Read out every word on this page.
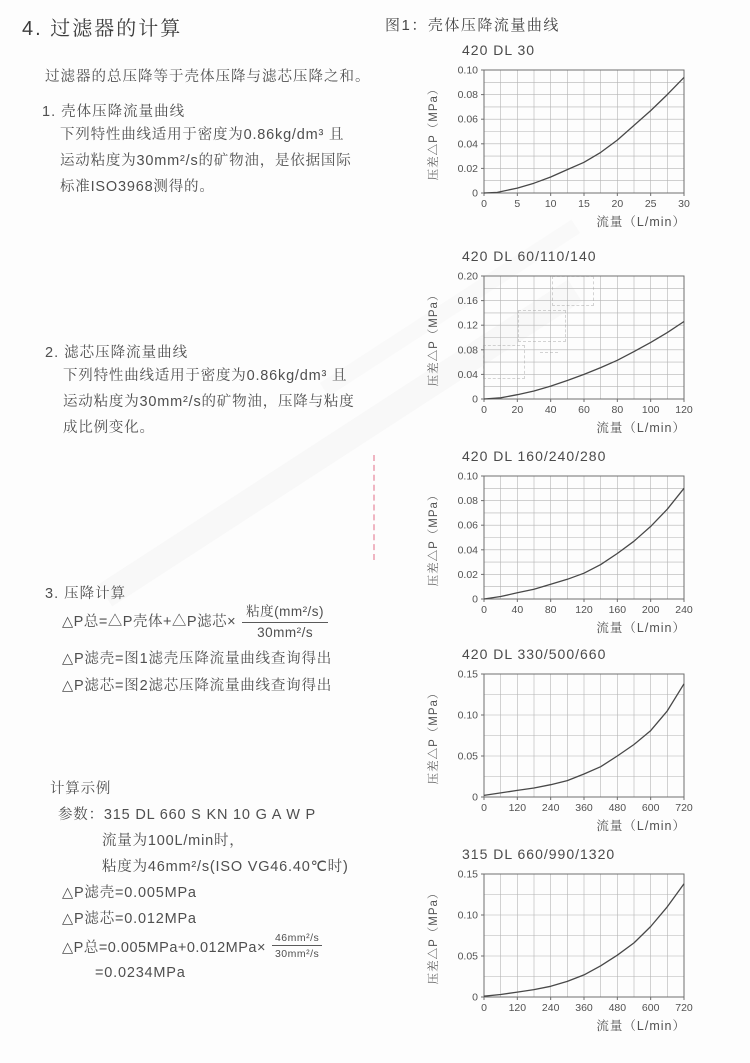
4. 过滤器的计算
过滤器的总压降等于壳体压降与滤芯压降之和。
1. 壳体压降流量曲线
下列特性曲线适用于密度为0.86kg/dm³ 且
运动粘度为30mm²/s的矿物油，是依据国际
标准ISO3968测得的。
2. 滤芯压降流量曲线
下列特性曲线适用于密度为0.86kg/dm³ 且
运动粘度为30mm²/s的矿物油，压降与粘度
成比例变化。
3. 压降计算
△P总=△P壳体+△P滤芯× $\frac{\text{粘度(mm²/s)}}{\text{30mm²/s}}$
△P滤壳=图1滤壳压降流量曲线查询得出
△P滤芯=图2滤芯压降流量曲线查询得出
计算示例
参数：315 DL 660 S KN 10 G A W P
流量为100L/min时，
粘度为46mm²/s(ISO VG46.40℃时)
△P滤壳=0.005MPa
△P滤芯=0.012MPa
△P总$=0.005MPa+0.012MPa\times \frac{\text{46mm²/s}}{\text{30mm²/s}}$
=0.0234MPa
图1：壳体压降流量曲线
420 DL 30
0	5 10 15 20 25 30
0
0.02
0.04
0.06
0.08
0.10
流量（L/min）
压差△P（MPa）
420 DL 60/110/140
0 20 40 60 80 100 120
0
0.04
0.08
0.12
0.16
0.20
流量（L/min）
压差△P（MPa）
420 DL 160/240/280
0 40 80 120 160 200 240
0
0.02
0.04
0.06
0.08
0.10
流量（L/min）
压差△P（MPa）
420 DL 330/500/660
0 120 240 360 480 600 720
0
0.05
0.10
0.15
流量（L/min）
压差△P（MPa）
315 DL 660/990/1320
0 120 240 360 480 600 720
0
0.05
0.10
0.15
流量（L/min）
压差△P（MPa）
